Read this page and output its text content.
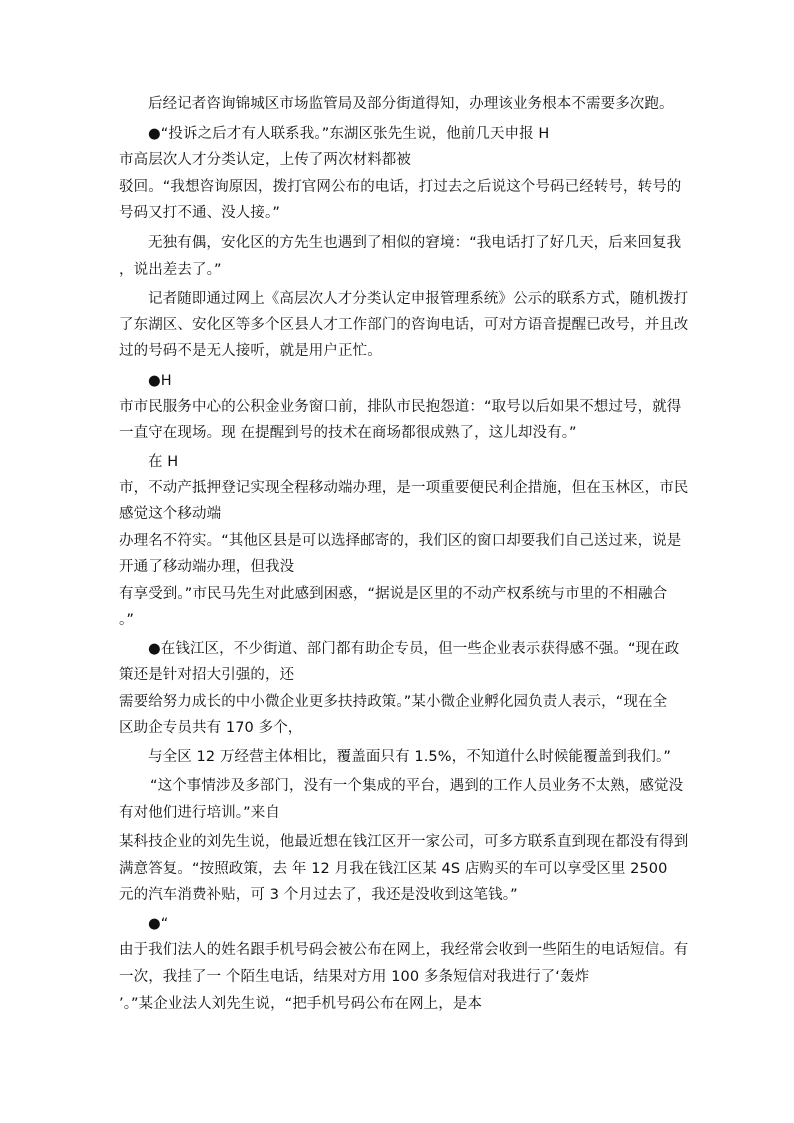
后经记者咨询锦城区市场监管局及部分街道得知，办理该业务根本不需要多次跑。
●“投诉之后才有人联系我。”东湖区张先生说，他前几天申报 H
市高层次人才分类认定，上传了两次材料都被
驳回。“我想咨询原因，拨打官网公布的电话，打过去之后说这个号码已经转号，转号的
号码又打不通、没人接。”
无独有偶，安化区的方先生也遇到了相似的窘境：“我电话打了好几天，后来回复我
，说出差去了。”
记者随即通过网上《高层次人才分类认定申报管理系统》公示的联系方式，随机拨打
了东湖区、安化区等多个区县人才工作部门的咨询电话，可对方语音提醒已改号，并且改
过的号码不是无人接听，就是用户正忙。
●H
市市民服务中心的公积金业务窗口前，排队市民抱怨道：“取号以后如果不想过号，就得
一直守在现场。现 在提醒到号的技术在商场都很成熟了，这儿却没有。”
在 H
市，不动产抵押登记实现全程移动端办理，是一项重要便民利企措施，但在玉林区，市民
感觉这个移动端
办理名不符实。“其他区县是可以选择邮寄的，我们区的窗口却要我们自己送过来，说是
开通了移动端办理，但我没
有享受到。”市民马先生对此感到困惑，“据说是区里的不动产权系统与市里的不相融合
。”
●在钱江区，不少街道、部门都有助企专员，但一些企业表示获得感不强。“现在政
策还是针对招大引强的，还
需要给努力成长的中小微企业更多扶持政策。”某小微企业孵化园负责人表示，“现在全
区助企专员共有 170 多个，
与全区 12 万经营主体相比，覆盖面只有 1.5%，不知道什么时候能覆盖到我们。”
“这个事情涉及多部门，没有一个集成的平台，遇到的工作人员业务不太熟，感觉没
有对他们进行培训。”来自
某科技企业的刘先生说，他最近想在钱江区开一家公司，可多方联系直到现在都没有得到
满意答复。“按照政策，去 年 12 月我在钱江区某 4S 店购买的车可以享受区里 2500
元的汽车消费补贴，可 3 个月过去了，我还是没收到这笔钱。”
●“
由于我们法人的姓名跟手机号码会被公布在网上，我经常会收到一些陌生的电话短信。有
一次，我挂了一 个陌生电话，结果对方用 100 多条短信对我进行了‘轰炸
’。”某企业法人刘先生说，“把手机号码公布在网上，是本
